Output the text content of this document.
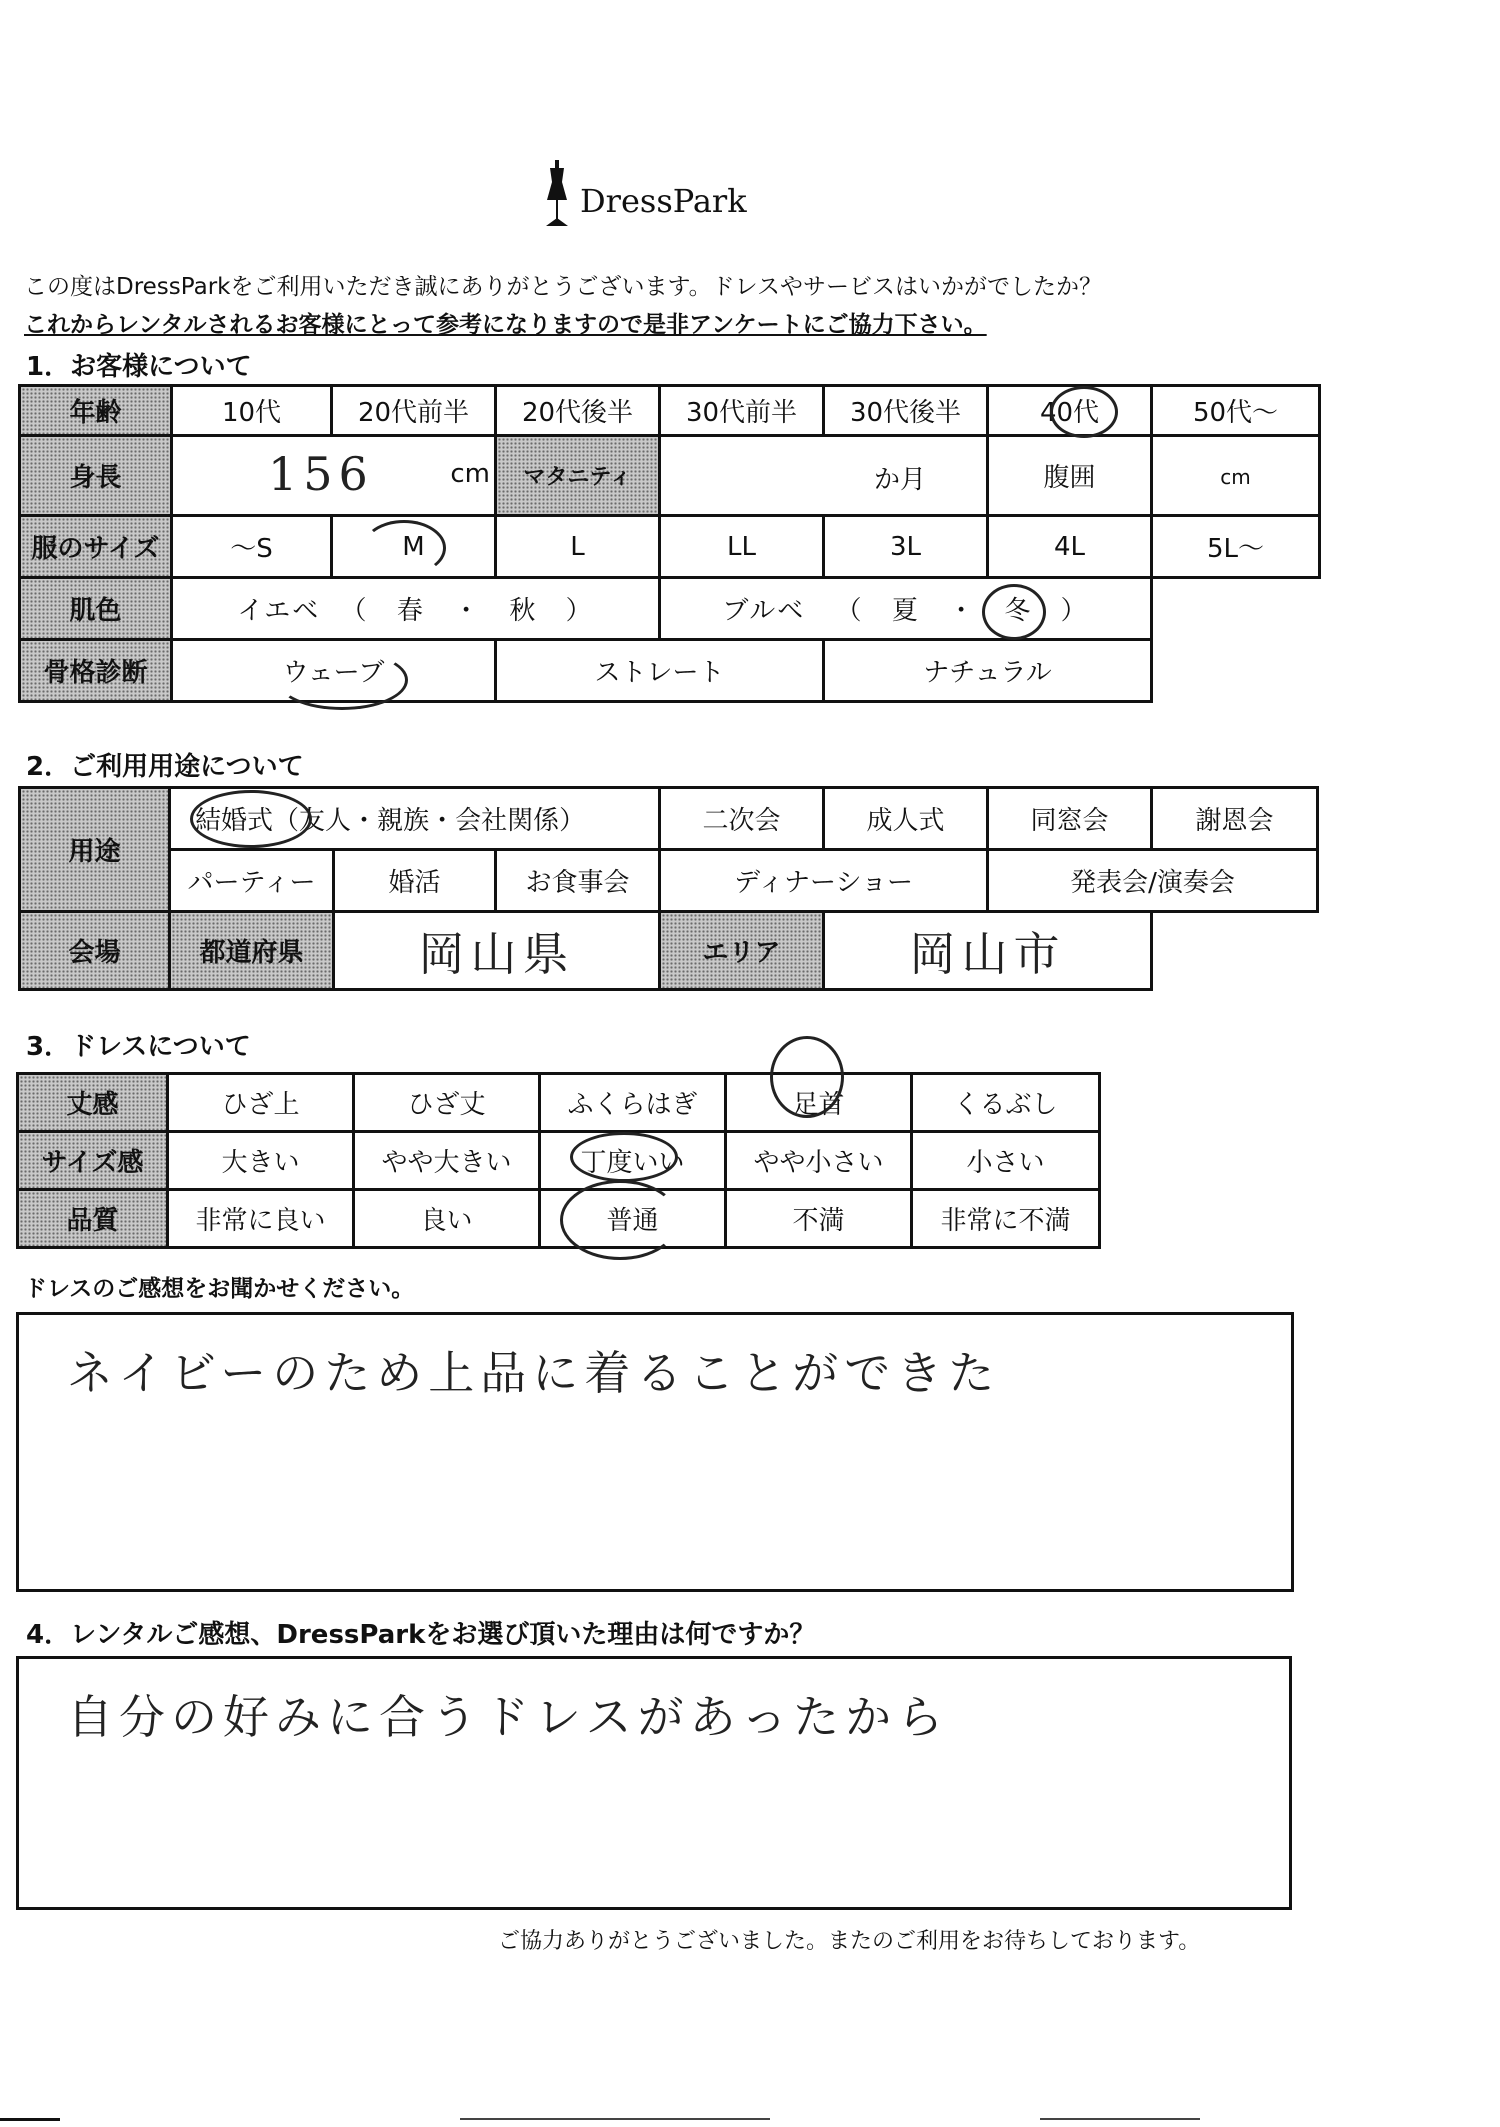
DressPark
この度はDressParkをご利用いただき誠にありがとうございます。ドレスやサービスはいかがでしたか？
これからレンタルされるお客様にとって参考になりますので是非アンケートにご協力下さい。
1．お客様について
年齢	10代	20代前半	20代後半	30代前半	30代後半	40代	50代〜
身長	156 cm		マタニティ	か月		腹囲	cm
服のサイズ	〜S	M	L	LL	3L	4L	5L〜
肌色	イエベ （ 春 ・ 秋 ）			ブルベ （ 夏 ・ 冬 ）			
骨格診断	ウェーブ		ストレート		ナチュラル		
2．ご利用用途について
用途	結婚式（友人・親族・会社関係）			二次会	成人式	同窓会	謝恩会
	パーティー	婚活	お食事会	ディナーショー		発表会/演奏会	
会場	都道府県	岡山県		エリア	岡山市		
3．ドレスについて
丈感	ひざ上	ひざ丈	ふくらはぎ	足首	くるぶし
サイズ感	大きい	やや大きい	丁度いい	やや小さい	小さい
品質	非常に良い	良い	普通	不満	非常に不満
ドレスのご感想をお聞かせください。
ネイビーのため上品に着ることができた
4．レンタルご感想、DressParkをお選び頂いた理由は何ですか？
自分の好みに合うドレスがあったから
ご協力ありがとうございました。またのご利用をお待ちしております。
